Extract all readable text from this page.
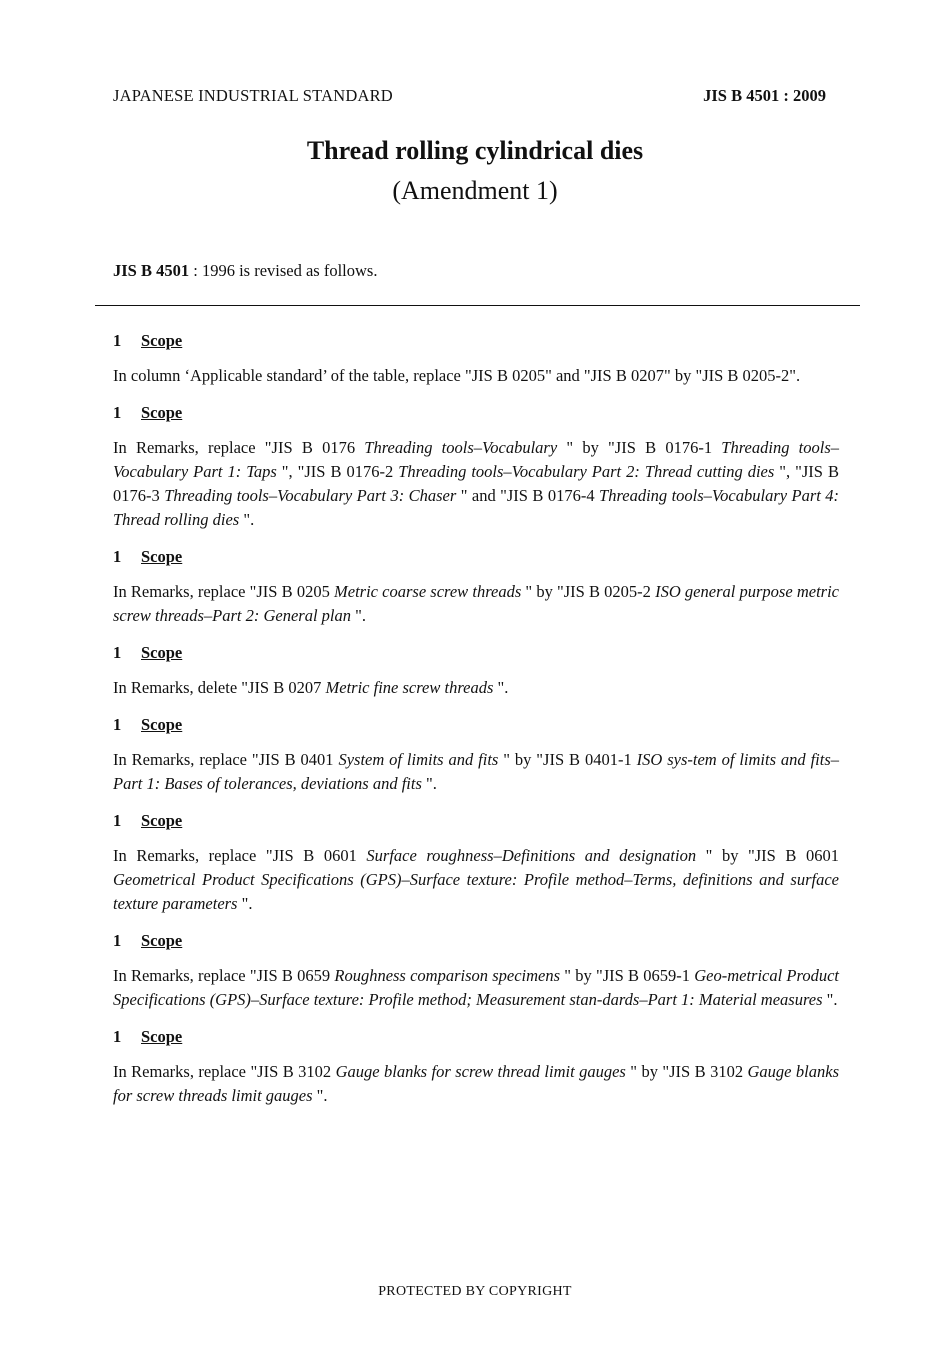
JAPANESE INDUSTRIAL STANDARD	JIS B 4501 : 2009
Thread rolling cylindrical dies
(Amendment 1)
JIS B 4501 : 1996 is revised as follows.
1 Scope
In column ‘Applicable standard’ of the table, replace "JIS B 0205" and "JIS B 0207" by "JIS B 0205-2".
1 Scope
In Remarks, replace "JIS B 0176 Threading tools–Vocabulary " by "JIS B 0176-1 Threading tools–Vocabulary Part 1: Taps ", "JIS B 0176-2 Threading tools–Vocabulary Part 2: Thread cutting dies ", "JIS B 0176-3 Threading tools–Vocabulary Part 3: Chaser " and "JIS B 0176-4 Threading tools–Vocabulary Part 4: Thread rolling dies ".
1 Scope
In Remarks, replace "JIS B 0205 Metric coarse screw threads " by "JIS B 0205-2 ISO general purpose metric screw threads–Part 2: General plan ".
1 Scope
In Remarks, delete "JIS B 0207 Metric fine screw threads ".
1 Scope
In Remarks, replace "JIS B 0401 System of limits and fits " by "JIS B 0401-1 ISO sys-tem of limits and fits–Part 1: Bases of tolerances, deviations and fits ".
1 Scope
In Remarks, replace "JIS B 0601 Surface roughness–Definitions and designation " by "JIS B 0601 Geometrical Product Specifications (GPS)–Surface texture: Profile method–Terms, definitions and surface texture parameters ".
1 Scope
In Remarks, replace "JIS B 0659 Roughness comparison specimens " by "JIS B 0659-1 Geo-metrical Product Specifications (GPS)–Surface texture: Profile method; Measurement stan-dards–Part 1: Material measures ".
1 Scope
In Remarks, replace "JIS B 3102 Gauge blanks for screw thread limit gauges " by "JIS B 3102 Gauge blanks for screw threads limit gauges ".
PROTECTED BY COPYRIGHT
